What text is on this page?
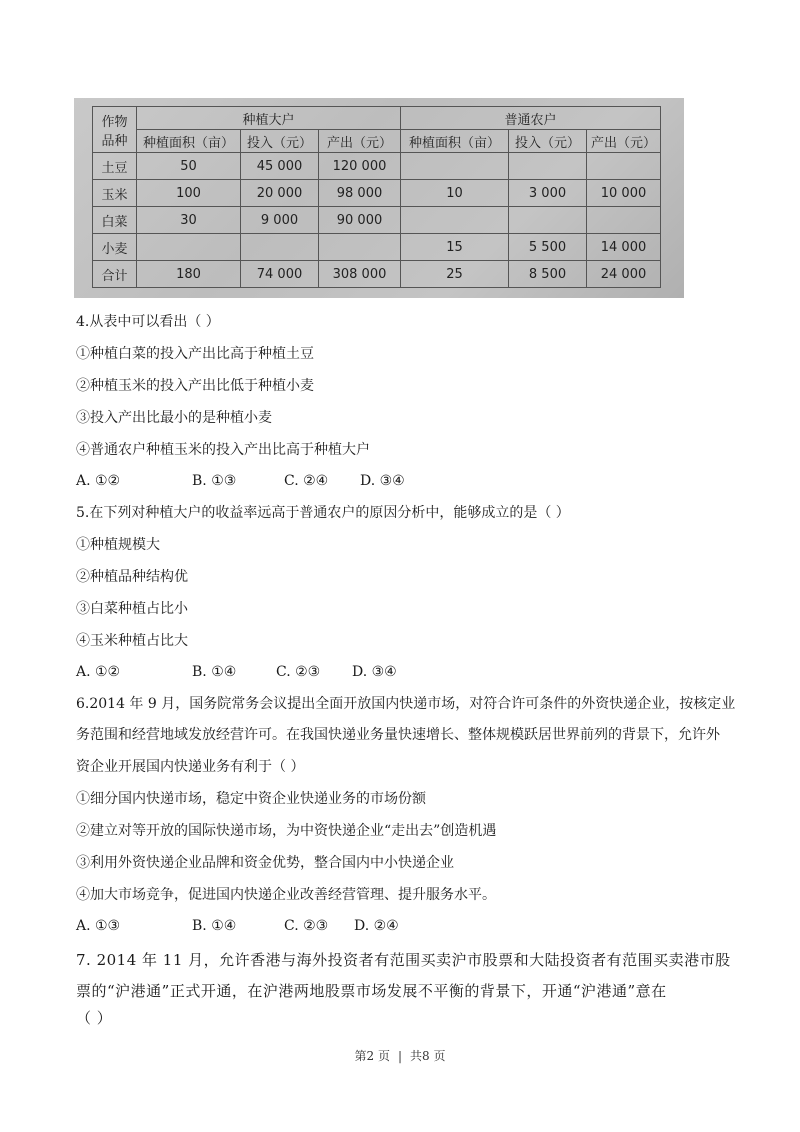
作物
品种	种植大户			普通农户		
	种植面积（亩）	投入（元）	产出（元）	种植面积（亩）	投入（元）	产出（元）
土豆	50	45 000	120 000			
玉米	100	20 000	98 000	10	3 000	10 000
白菜	30	9 000	90 000			
小麦				15	5 500	14 000
合计	180	74 000	308 000	25	8 500	24 000
4.从表中可以看出（ ）
①种植白菜的投入产出比高于种植土豆
②种植玉米的投入产出比低于种植小麦
③投入产出比最小的是种植小麦
④普通农户种植玉米的投入产出比高于种植大户
A. ①②	B. ①③	C. ②④	D. ③④
5.在下列对种植大户的收益率远高于普通农户的原因分析中，能够成立的是（ ）
①种植规模大
②种植品种结构优
③白菜种植占比小
④玉米种植占比大
A. ①②	B. ①④	C. ②③	D. ③④
6.2014 年 9 月，国务院常务会议提出全面开放国内快递市场，对符合许可条件的外资快递企业，按核定业
务范围和经营地域发放经营许可。在我国快递业务量快速增长、整体规模跃居世界前列的背景下，允许外
资企业开展国内快递业务有利于（ ）
①细分国内快递市场，稳定中资企业快递业务的市场份额
②建立对等开放的国际快递市场，为中资快递企业“走出去”创造机遇
③利用外资快递企业品牌和资金优势，整合国内中小快递企业
④加大市场竞争，促进国内快递企业改善经营管理、提升服务水平。
A. ①③	B. ①④	C. ②③	D. ②④
7. 2014 年 11 月，允许香港与海外投资者有范围买卖沪市股票和大陆投资者有范围买卖港市股
票的“沪港通”正式开通，在沪港两地股票市场发展不平衡的背景下，开通“沪港通”意在
（ ）
第2 页 | 共8 页
